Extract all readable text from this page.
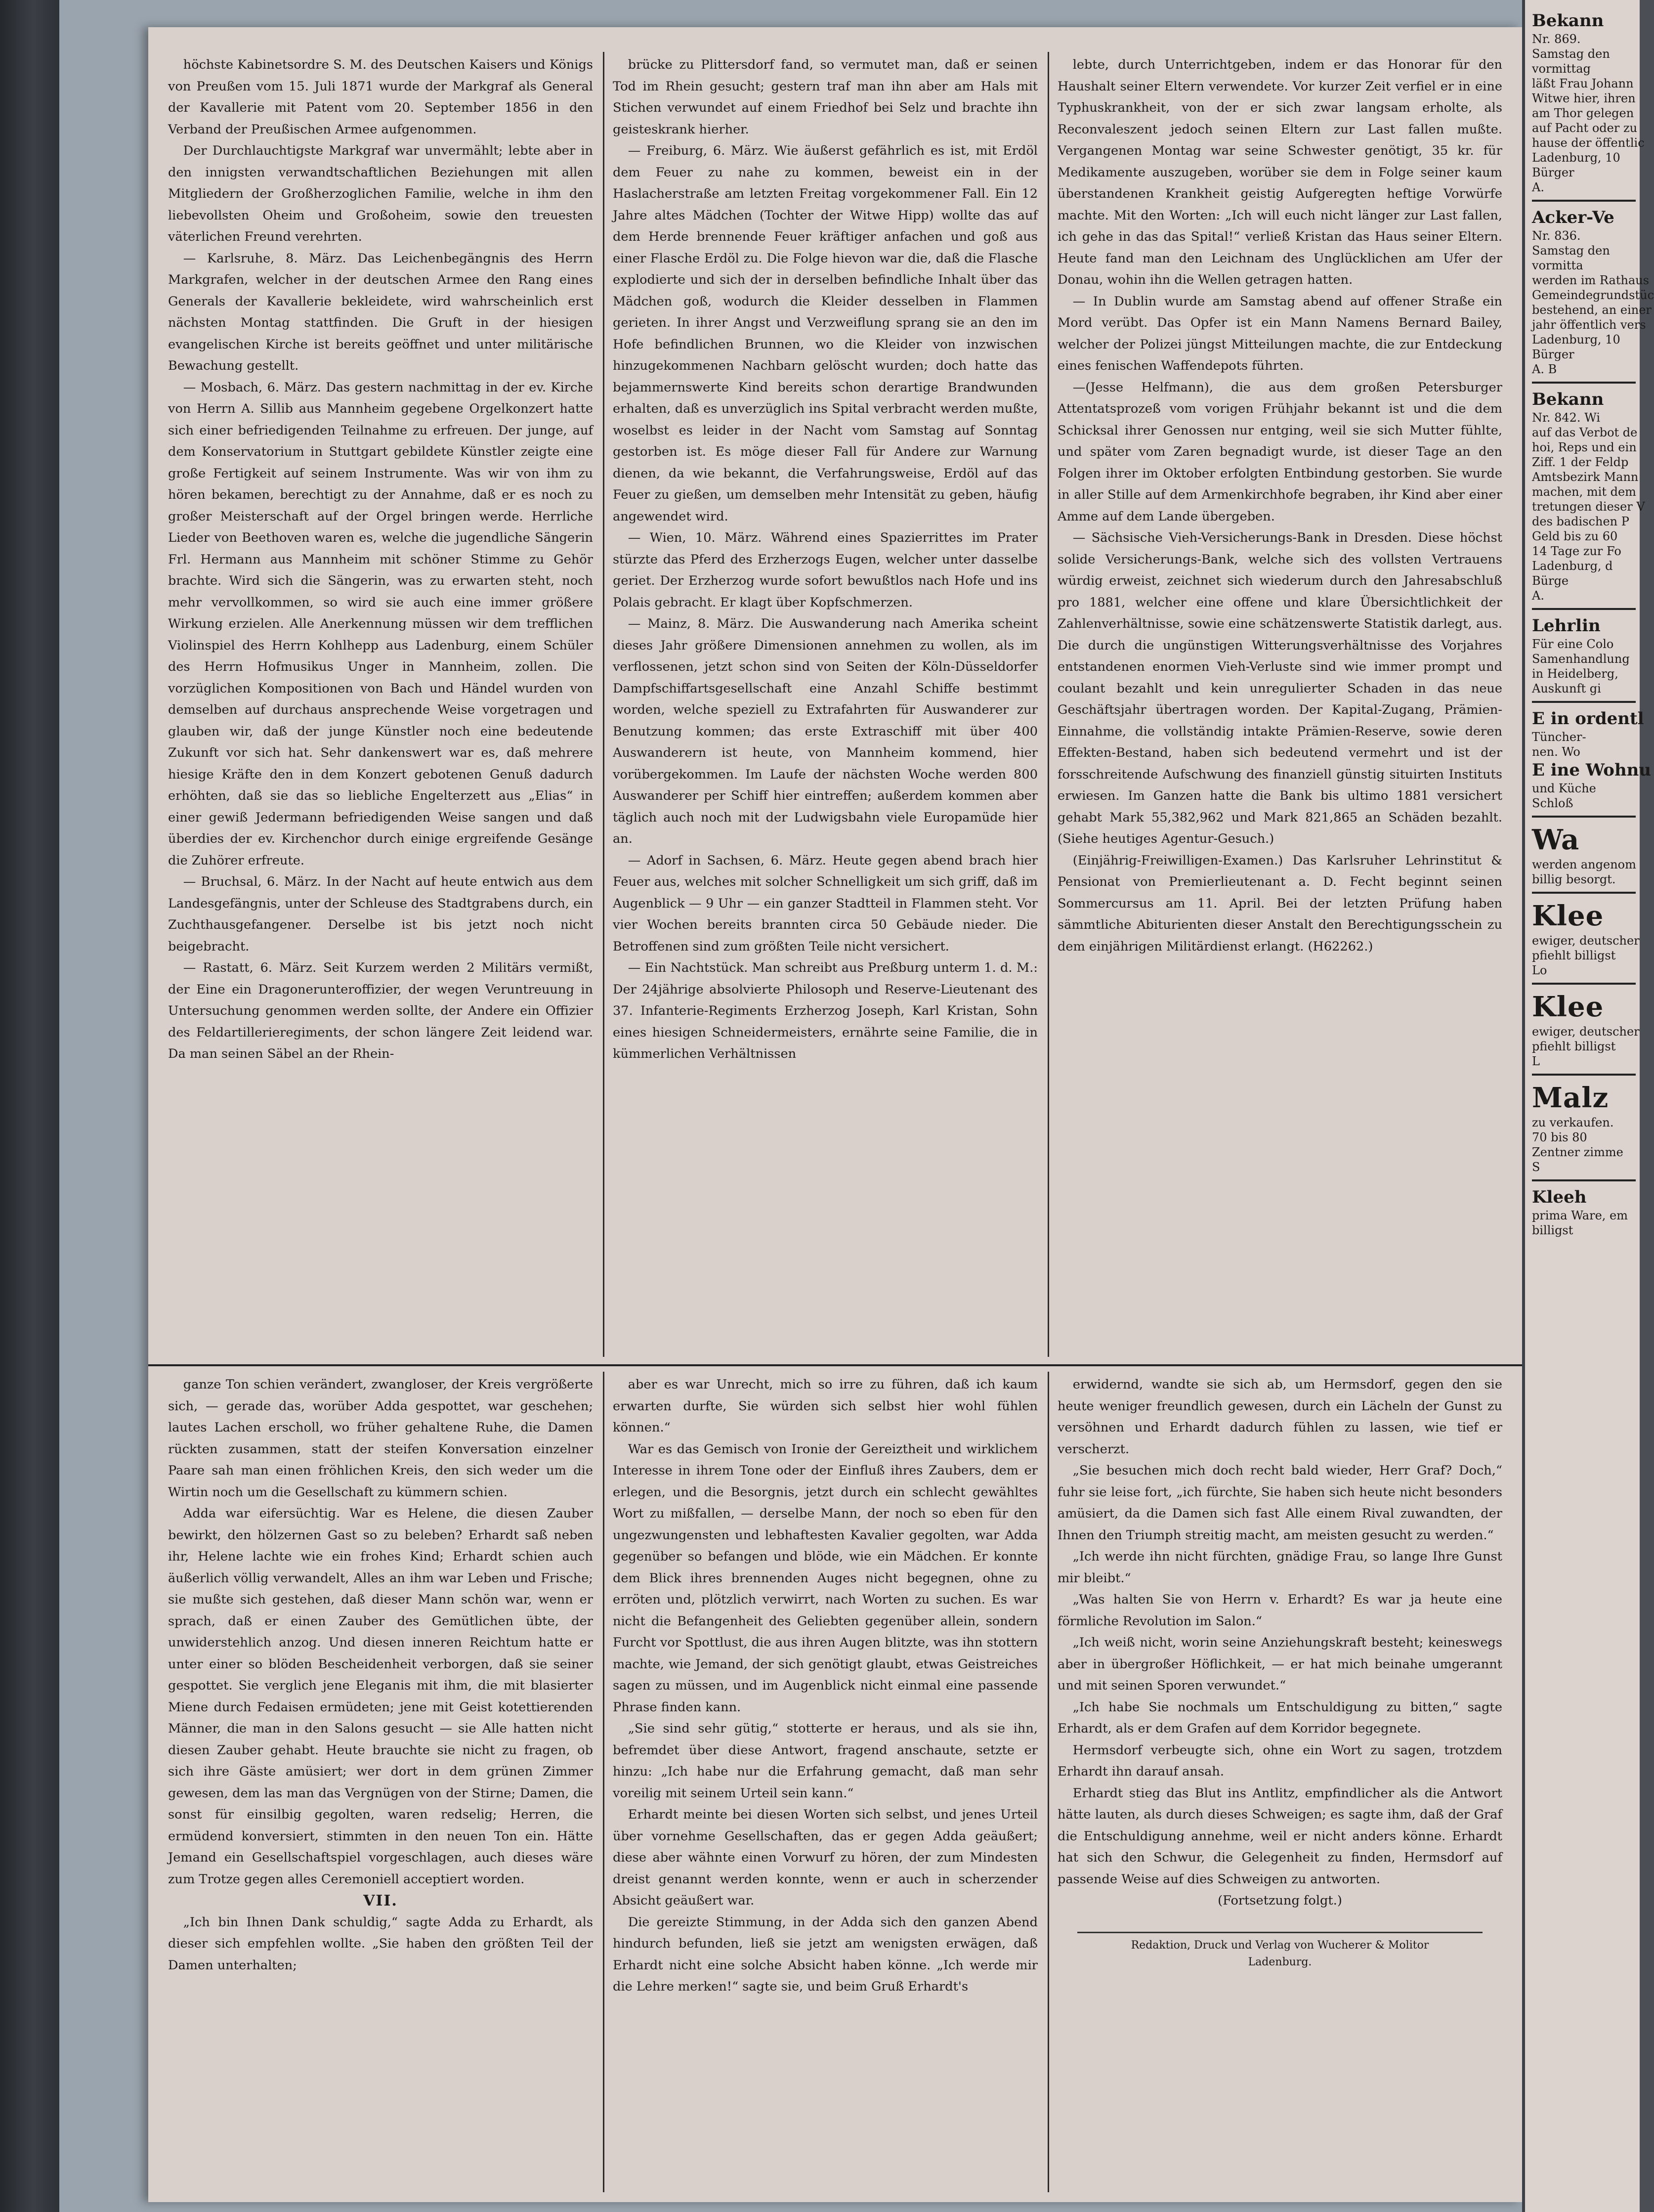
höchste Kabinetsordre S. M. des Deutschen Kaisers und Königs von Preußen vom 15. Juli 1871 wurde der Markgraf als General der Kavallerie mit Patent vom 20. September 1856 in den Verband der Preußischen Armee aufgenommen.

Der Durchlauchtigste Markgraf war unvermählt; lebte aber in den innigsten verwandtschaftlichen Beziehungen mit allen Mitgliedern der Großherzoglichen Familie, welche in ihm den liebevollsten Oheim und Großoheim, sowie den treuesten väterlichen Freund verehrten.

— Karlsruhe, 8. März. Das Leichenbegängnis des Herrn Markgrafen, welcher in der deutschen Armee den Rang eines Generals der Kavallerie bekleidete, wird wahrscheinlich erst nächsten Montag stattfinden. Die Gruft in der hiesigen evangelischen Kirche ist bereits geöffnet und unter militärische Bewachung gestellt.

— Mosbach, 6. März. Das gestern nachmittag in der ev. Kirche von Herrn A. Sillib aus Mannheim gegebene Orgelkonzert hatte sich einer befriedigenden Teilnahme zu erfreuen. Der junge, auf dem Konservatorium in Stuttgart gebildete Künstler zeigte eine große Fertigkeit auf seinem Instrumente. Was wir von ihm zu hören bekamen, berechtigt zu der Annahme, daß er es noch zu großer Meisterschaft auf der Orgel bringen werde. Herrliche Lieder von Beethoven waren es, welche die jugendliche Sängerin Frl. Hermann aus Mannheim mit schöner Stimme zu Gehör brachte. Wird sich die Sängerin, was zu erwarten steht, noch mehr vervollkommen, so wird sie auch eine immer größere Wirkung erzielen. Alle Anerkennung müssen wir dem trefflichen Violinspiel des Herrn Kohlhepp aus Ladenburg, einem Schüler des Herrn Hofmusikus Unger in Mannheim, zollen. Die vorzüglichen Kompositionen von Bach und Händel wurden von demselben auf durchaus ansprechende Weise vorgetragen und glauben wir, daß der junge Künstler noch eine bedeutende Zukunft vor sich hat. Sehr dankenswert war es, daß mehrere hiesige Kräfte den in dem Konzert gebotenen Genuß dadurch erhöhten, daß sie das so liebliche Engelterzett aus „Elias“ in einer gewiß Jedermann befriedigenden Weise sangen und daß überdies der ev. Kirchenchor durch einige ergreifende Gesänge die Zuhörer erfreute.

— Bruchsal, 6. März. In der Nacht auf heute entwich aus dem Landesgefängnis, unter der Schleuse des Stadtgrabens durch, ein Zuchthausgefangener. Derselbe ist bis jetzt noch nicht beigebracht.

— Rastatt, 6. März. Seit Kurzem werden 2 Militärs vermißt, der Eine ein Dragonerunteroffizier, der wegen Veruntreuung in Untersuchung genommen werden sollte, der Andere ein Offizier des Feldartillerieregiments, der schon längere Zeit leidend war. Da man seinen Säbel an der Rhein-

brücke zu Plittersdorf fand, so vermutet man, daß er seinen Tod im Rhein gesucht; gestern traf man ihn aber am Hals mit Stichen verwundet auf einem Friedhof bei Selz und brachte ihn geisteskrank hierher.

— Freiburg, 6. März. Wie äußerst gefährlich es ist, mit Erdöl dem Feuer zu nahe zu kommen, beweist ein in der Haslacherstraße am letzten Freitag vorgekommener Fall. Ein 12 Jahre altes Mädchen (Tochter der Witwe Hipp) wollte das auf dem Herde brennende Feuer kräftiger anfachen und goß aus einer Flasche Erdöl zu. Die Folge hievon war die, daß die Flasche explodierte und sich der in derselben befindliche Inhalt über das Mädchen goß, wodurch die Kleider desselben in Flammen gerieten. In ihrer Angst und Verzweiflung sprang sie an den im Hofe befindlichen Brunnen, wo die Kleider von inzwischen hinzugekommenen Nachbarn gelöscht wurden; doch hatte das bejammernswerte Kind bereits schon derartige Brandwunden erhalten, daß es unverzüglich ins Spital verbracht werden mußte, woselbst es leider in der Nacht vom Samstag auf Sonntag gestorben ist. Es möge dieser Fall für Andere zur Warnung dienen, da wie bekannt, die Verfahrungsweise, Erdöl auf das Feuer zu gießen, um demselben mehr Intensität zu geben, häufig angewendet wird.

— Wien, 10. März. Während eines Spazierrittes im Prater stürzte das Pferd des Erzherzogs Eugen, welcher unter dasselbe geriet. Der Erzherzog wurde sofort bewußtlos nach Hofe und ins Polais gebracht. Er klagt über Kopfschmerzen.

— Mainz, 8. März. Die Auswanderung nach Amerika scheint dieses Jahr größere Dimensionen annehmen zu wollen, als im verflossenen, jetzt schon sind von Seiten der Köln-Düsseldorfer Dampfschiffartsgesellschaft eine Anzahl Schiffe bestimmt worden, welche speziell zu Extrafahrten für Auswanderer zur Benutzung kommen; das erste Extraschiff mit über 400 Auswanderern ist heute, von Mannheim kommend, hier vorübergekommen. Im Laufe der nächsten Woche werden 800 Auswanderer per Schiff hier eintreffen; außerdem kommen aber täglich auch noch mit der Ludwigsbahn viele Europamüde hier an.

— Adorf in Sachsen, 6. März. Heute gegen abend brach hier Feuer aus, welches mit solcher Schnelligkeit um sich griff, daß im Augenblick — 9 Uhr — ein ganzer Stadtteil in Flammen steht. Vor vier Wochen bereits brannten circa 50 Gebäude nieder. Die Betroffenen sind zum größten Teile nicht versichert.

— Ein Nachtstück. Man schreibt aus Preßburg unterm 1. d. M.: Der 24jährige absolvierte Philosoph und Reserve-Lieutenant des 37. Infanterie-Regiments Erzherzog Joseph, Karl Kristan, Sohn eines hiesigen Schneidermeisters, ernährte seine Familie, die in kümmerlichen Verhältnissen

lebte, durch Unterrichtgeben, indem er das Honorar für den Haushalt seiner Eltern verwendete. Vor kurzer Zeit verfiel er in eine Typhuskrankheit, von der er sich zwar langsam erholte, als Reconvaleszent jedoch seinen Eltern zur Last fallen mußte. Vergangenen Montag war seine Schwester genötigt, 35 kr. für Medikamente auszugeben, worüber sie dem in Folge seiner kaum überstandenen Krankheit geistig Aufgeregten heftige Vorwürfe machte. Mit den Worten: „Ich will euch nicht länger zur Last fallen, ich gehe in das das Spital!“ verließ Kristan das Haus seiner Eltern. Heute fand man den Leichnam des Unglücklichen am Ufer der Donau, wohin ihn die Wellen getragen hatten.

— In Dublin wurde am Samstag abend auf offener Straße ein Mord verübt. Das Opfer ist ein Mann Namens Bernard Bailey, welcher der Polizei jüngst Mitteilungen machte, die zur Entdeckung eines fenischen Waffendepots führten.

—(Jesse Helfmann), die aus dem großen Petersburger Attentatsprozeß vom vorigen Frühjahr bekannt ist und die dem Schicksal ihrer Genossen nur entging, weil sie sich Mutter fühlte, und später vom Zaren begnadigt wurde, ist dieser Tage an den Folgen ihrer im Oktober erfolgten Entbindung gestorben. Sie wurde in aller Stille auf dem Armenkirchhofe begraben, ihr Kind aber einer Amme auf dem Lande übergeben.

— Sächsische Vieh-Versicherungs-Bank in Dresden. Diese höchst solide Versicherungs-Bank, welche sich des vollsten Vertrauens würdig erweist, zeichnet sich wiederum durch den Jahresabschluß pro 1881, welcher eine offene und klare Übersichtlichkeit der Zahlenverhältnisse, sowie eine schätzenswerte Statistik darlegt, aus. Die durch die ungünstigen Witterungsverhältnisse des Vorjahres entstandenen enormen Vieh-Verluste sind wie immer prompt und coulant bezahlt und kein unregulierter Schaden in das neue Geschäftsjahr übertragen worden. Der Kapital-Zugang, Prämien-Einnahme, die vollständig intakte Prämien-Reserve, sowie deren Effekten-Bestand, haben sich bedeutend vermehrt und ist der forsschreitende Aufschwung des finanziell günstig situirten Instituts erwiesen. Im Ganzen hatte die Bank bis ultimo 1881 versichert gehabt Mark 55,382,962 und Mark 821,865 an Schäden bezahlt. (Siehe heutiges Agentur-Gesuch.)

(Einjährig-Freiwilligen-Examen.) Das Karlsruher Lehrinstitut & Pensionat von Premierlieutenant a. D. Fecht beginnt seinen Sommercursus am 11. April. Bei der letzten Prüfung haben sämmtliche Abiturienten dieser Anstalt den Berechtigungsschein zu dem einjährigen Militärdienst erlangt. (H62262.)

ganze Ton schien verändert, zwangloser, der Kreis vergrößerte sich, — gerade das, worüber Adda gespottet, war geschehen; lautes Lachen erscholl, wo früher gehaltene Ruhe, die Damen rückten zusammen, statt der steifen Konversation einzelner Paare sah man einen fröhlichen Kreis, den sich weder um die Wirtin noch um die Gesellschaft zu kümmern schien.

Adda war eifersüchtig. War es Helene, die diesen Zauber bewirkt, den hölzernen Gast so zu beleben? Erhardt saß neben ihr, Helene lachte wie ein frohes Kind; Erhardt schien auch äußerlich völlig verwandelt, Alles an ihm war Leben und Frische; sie mußte sich gestehen, daß dieser Mann schön war, wenn er sprach, daß er einen Zauber des Gemütlichen übte, der unwiderstehlich anzog. Und diesen inneren Reichtum hatte er unter einer so blöden Bescheidenheit verborgen, daß sie seiner gespottet. Sie verglich jene Eleganis mit ihm, die mit blasierter Miene durch Fedaisen ermüdeten; jene mit Geist kotettierenden Männer, die man in den Salons gesucht — sie Alle hatten nicht diesen Zauber gehabt. Heute brauchte sie nicht zu fragen, ob sich ihre Gäste amüsiert; wer dort in dem grünen Zimmer gewesen, dem las man das Vergnügen von der Stirne; Damen, die sonst für einsilbig gegolten, waren redselig; Herren, die ermüdend konversiert, stimmten in den neuen Ton ein. Hätte Jemand ein Gesellschaftspiel vorgeschlagen, auch dieses wäre zum Trotze gegen alles Ceremoniell acceptiert worden.

VII.

„Ich bin Ihnen Dank schuldig,“ sagte Adda zu Erhardt, als dieser sich empfehlen wollte. „Sie haben den größten Teil der Damen unterhalten;

aber es war Unrecht, mich so irre zu führen, daß ich kaum erwarten durfte, Sie würden sich selbst hier wohl fühlen können.“

War es das Gemisch von Ironie der Gereiztheit und wirklichem Interesse in ihrem Tone oder der Einfluß ihres Zaubers, dem er erlegen, und die Besorgnis, jetzt durch ein schlecht gewähltes Wort zu mißfallen, — derselbe Mann, der noch so eben für den ungezwungensten und lebhaftesten Kavalier gegolten, war Adda gegenüber so befangen und blöde, wie ein Mädchen. Er konnte dem Blick ihres brennenden Auges nicht begegnen, ohne zu erröten und, plötzlich verwirrt, nach Worten zu suchen. Es war nicht die Befangenheit des Geliebten gegenüber allein, sondern Furcht vor Spottlust, die aus ihren Augen blitzte, was ihn stottern machte, wie Jemand, der sich genötigt glaubt, etwas Geistreiches sagen zu müssen, und im Augenblick nicht einmal eine passende Phrase finden kann.

„Sie sind sehr gütig,“ stotterte er heraus, und als sie ihn, befremdet über diese Antwort, fragend anschaute, setzte er hinzu: „Ich habe nur die Erfahrung gemacht, daß man sehr voreilig mit seinem Urteil sein kann.“

Erhardt meinte bei diesen Worten sich selbst, und jenes Urteil über vornehme Gesellschaften, das er gegen Adda geäußert; diese aber wähnte einen Vorwurf zu hören, der zum Mindesten dreist genannt werden konnte, wenn er auch in scherzender Absicht geäußert war.

Die gereizte Stimmung, in der Adda sich den ganzen Abend hindurch befunden, ließ sie jetzt am wenigsten erwägen, daß Erhardt nicht eine solche Absicht haben könne. „Ich werde mir die Lehre merken!“ sagte sie, und beim Gruß Erhardt's

erwidernd, wandte sie sich ab, um Hermsdorf, gegen den sie heute weniger freundlich gewesen, durch ein Lächeln der Gunst zu versöhnen und Erhardt dadurch fühlen zu lassen, wie tief er verscherzt.

„Sie besuchen mich doch recht bald wieder, Herr Graf? Doch,“ fuhr sie leise fort, „ich fürchte, Sie haben sich heute nicht besonders amüsiert, da die Damen sich fast Alle einem Rival zuwandten, der Ihnen den Triumph streitig macht, am meisten gesucht zu werden.“

„Ich werde ihn nicht fürchten, gnädige Frau, so lange Ihre Gunst mir bleibt.“

„Was halten Sie von Herrn v. Erhardt? Es war ja heute eine förmliche Revolution im Salon.“

„Ich weiß nicht, worin seine Anziehungskraft besteht; keineswegs aber in übergroßer Höflichkeit, — er hat mich beinahe umgerannt und mit seinen Sporen verwundet.“

„Ich habe Sie nochmals um Entschuldigung zu bitten,“ sagte Erhardt, als er dem Grafen auf dem Korridor begegnete.

Hermsdorf verbeugte sich, ohne ein Wort zu sagen, trotzdem Erhardt ihn darauf ansah.

Erhardt stieg das Blut ins Antlitz, empfindlicher als die Antwort hätte lauten, als durch dieses Schweigen; es sagte ihm, daß der Graf die Entschuldigung annehme, weil er nicht anders könne. Erhardt hat sich den Schwur, die Gelegenheit zu finden, Hermsdorf auf passende Weise auf dies Schweigen zu antworten.

(Fortsetzung folgt.)

Redaktion, Druck und Verlag von Wucherer & Molitor
Ladenburg.

Bekann
Nr. 869.
Samstag den
vormittag
läßt Frau Johann
Witwe hier, ihren
am Thor gelegen
auf Pacht oder zu
hause der öffentlic
Ladenburg, 10
Bürger
A.
Acker-Ve
Nr. 836.
Samstag den
vormitta
werden im Rathaus
Gemeindegrundstüc
bestehend, an einer
jahr öffentlich vers
Ladenburg, 10
Bürger
A. B
Bekann
Nr. 842. Wi
auf das Verbot de
hoi, Reps und ein
Ziff. 1 der Feldp
Amtsbezirk Mann
machen, mit dem
tretungen dieser V
des badischen P
Geld bis zu 60
14 Tage zur Fo
Ladenburg, d
Bürge
A.
Lehrlin
Für eine Colo
Samenhandlung
in Heidelberg,
Auskunft gi
E in ordentl
Tüncher-
nen. Wo
E ine Wohnu
und Küche
Schloß
Wa
werden angenom
billig besorgt.
Klee
ewiger, deutscher
pfiehlt billigst
Lo
Klee
ewiger, deutscher
pfiehlt billigst
L
Malz
zu verkaufen.
70 bis 80
Zentner zimme
S
Kleeh
prima Ware, em
billigst
